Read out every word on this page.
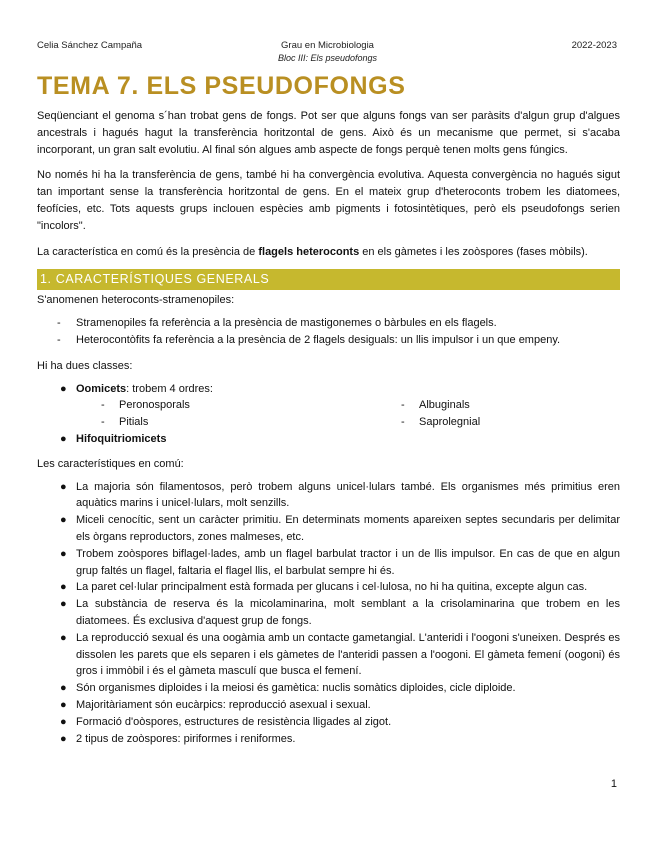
Celia Sánchez Campaña	Grau en Microbiologia
Bloc III: Els pseudofongs
2022-2023
TEMA 7. ELS PSEUDOFONGS

Seqüenciant el genoma s´han trobat gens de fongs. Pot ser que alguns fongs van ser paràsits d'algun grup d'algues ancestrals i hagués hagut la transferència horitzontal de gens. Això és un mecanisme que permet, si s'acaba incorporant, un gran salt evolutiu. Al final són algues amb aspecte de fongs perquè tenen molts gens fúngics.

No només hi ha la transferència de gens, també hi ha convergència evolutiva. Aquesta convergència no hagués sigut tan important sense la transferència horitzontal de gens. En el mateix grup d'heteroconts trobem les diatomees, feofícies, etc. Tots aquests grups inclouen espècies amb pigments i fotosintètiques, però els pseudofongs serien "incolors".

La característica en comú és la presència de flagels heteroconts en els gàmetes i les zoòspores (fases mòbils).

1. CARACTERÍSTIQUES GENERALS

S'anomenen heteroconts-stramenopiles:

- Stramenopiles fa referència a la presència de mastigonemes o bàrbules en els flagels.
- Heterocontòfits fa referència a la presència de 2 flagels desiguals: un llis impulsor i un que empeny.

Hi ha dues classes:

● Oomicets: trobem 4 ordres:
- Peronosporals	- Albuginals
- Pitials	- Saprolegnial
● Hifoquitriomicets

Les característiques en comú:

● La majoria són filamentosos, però trobem alguns unicel·lulars també. Els organismes més primitius eren aquàtics marins i unicel·lulars, molt senzills.
● Miceli cenocític, sent un caràcter primitiu. En determinats moments apareixen septes secundaris per delimitar els òrgans reproductors, zones malmeses, etc.
● Trobem zoòspores biflagel·lades, amb un flagel barbulat tractor i un de llis impulsor. En cas de que en algun grup faltés un flagel, faltaria el flagel llis, el barbulat sempre hi és.
● La paret cel·lular principalment està formada per glucans i cel·lulosa, no hi ha quitina, excepte algun cas.
● La substància de reserva és la micolaminarina, molt semblant a la crisolaminarina que trobem en les diatomees. És exclusiva d'aquest grup de fongs.
● La reproducció sexual és una oogàmia amb un contacte gametangial. L'anteridi i l'oogoni s'uneixen. Després es dissolen les parets que els separen i els gàmetes de l'anteridi passen a l'oogoni. El gàmeta femení (oogoni) és gros i immòbil i és el gàmeta masculí que busca el femení.
● Són organismes diploides i la meiosi és gamètica: nuclis somàtics diploides, cicle diploide.
● Majoritàriament són eucàrpics: reproducció asexual i sexual.
● Formació d'oòspores, estructures de resistència lligades al zigot.
● 2 tipus de zoòspores: piriformes i reniformes.
1
